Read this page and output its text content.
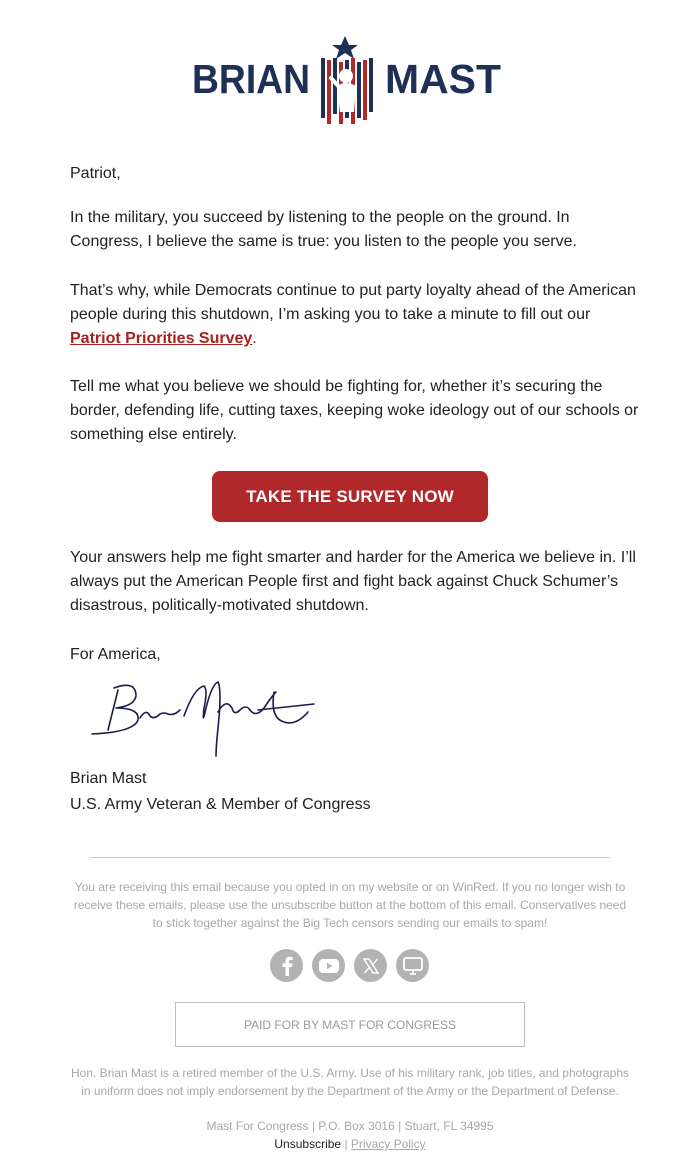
BRIAN MAST
Patriot,

In the military, you succeed by listening to the people on the ground. In Congress, I believe the same is true: you listen to the people you serve.

That’s why, while Democrats continue to put party loyalty ahead of the American people during this shutdown, I’m asking you to take a minute to fill out our Patriot Priorities Survey.

Tell me what you believe we should be fighting for, whether it’s securing the border, defending life, cutting taxes, keeping woke ideology out of our schools or something else entirely.

TAKE THE SURVEY NOW

Your answers help me fight smarter and harder for the America we believe in. I’ll always put the American People first and fight back against Chuck Schumer’s disastrous, politically-motivated shutdown.

For America,
Brian Mast
U.S. Army Veteran & Member of Congress

You are receiving this email because you opted in on my website or on WinRed. If you no longer wish to receive these emails, please use the unsubscribe button at the bottom of this email. Conservatives need to stick together against the Big Tech censors sending our emails to spam!

PAID FOR BY MAST FOR CONGRESS

Hon. Brian Mast is a retired member of the U.S. Army. Use of his military rank, job titles, and photographs in uniform does not imply endorsement by the Department of the Army or the Department of Defense.

Mast For Congress | P.O. Box 3016 | Stuart, FL 34995
Unsubscribe | Privacy Policy
